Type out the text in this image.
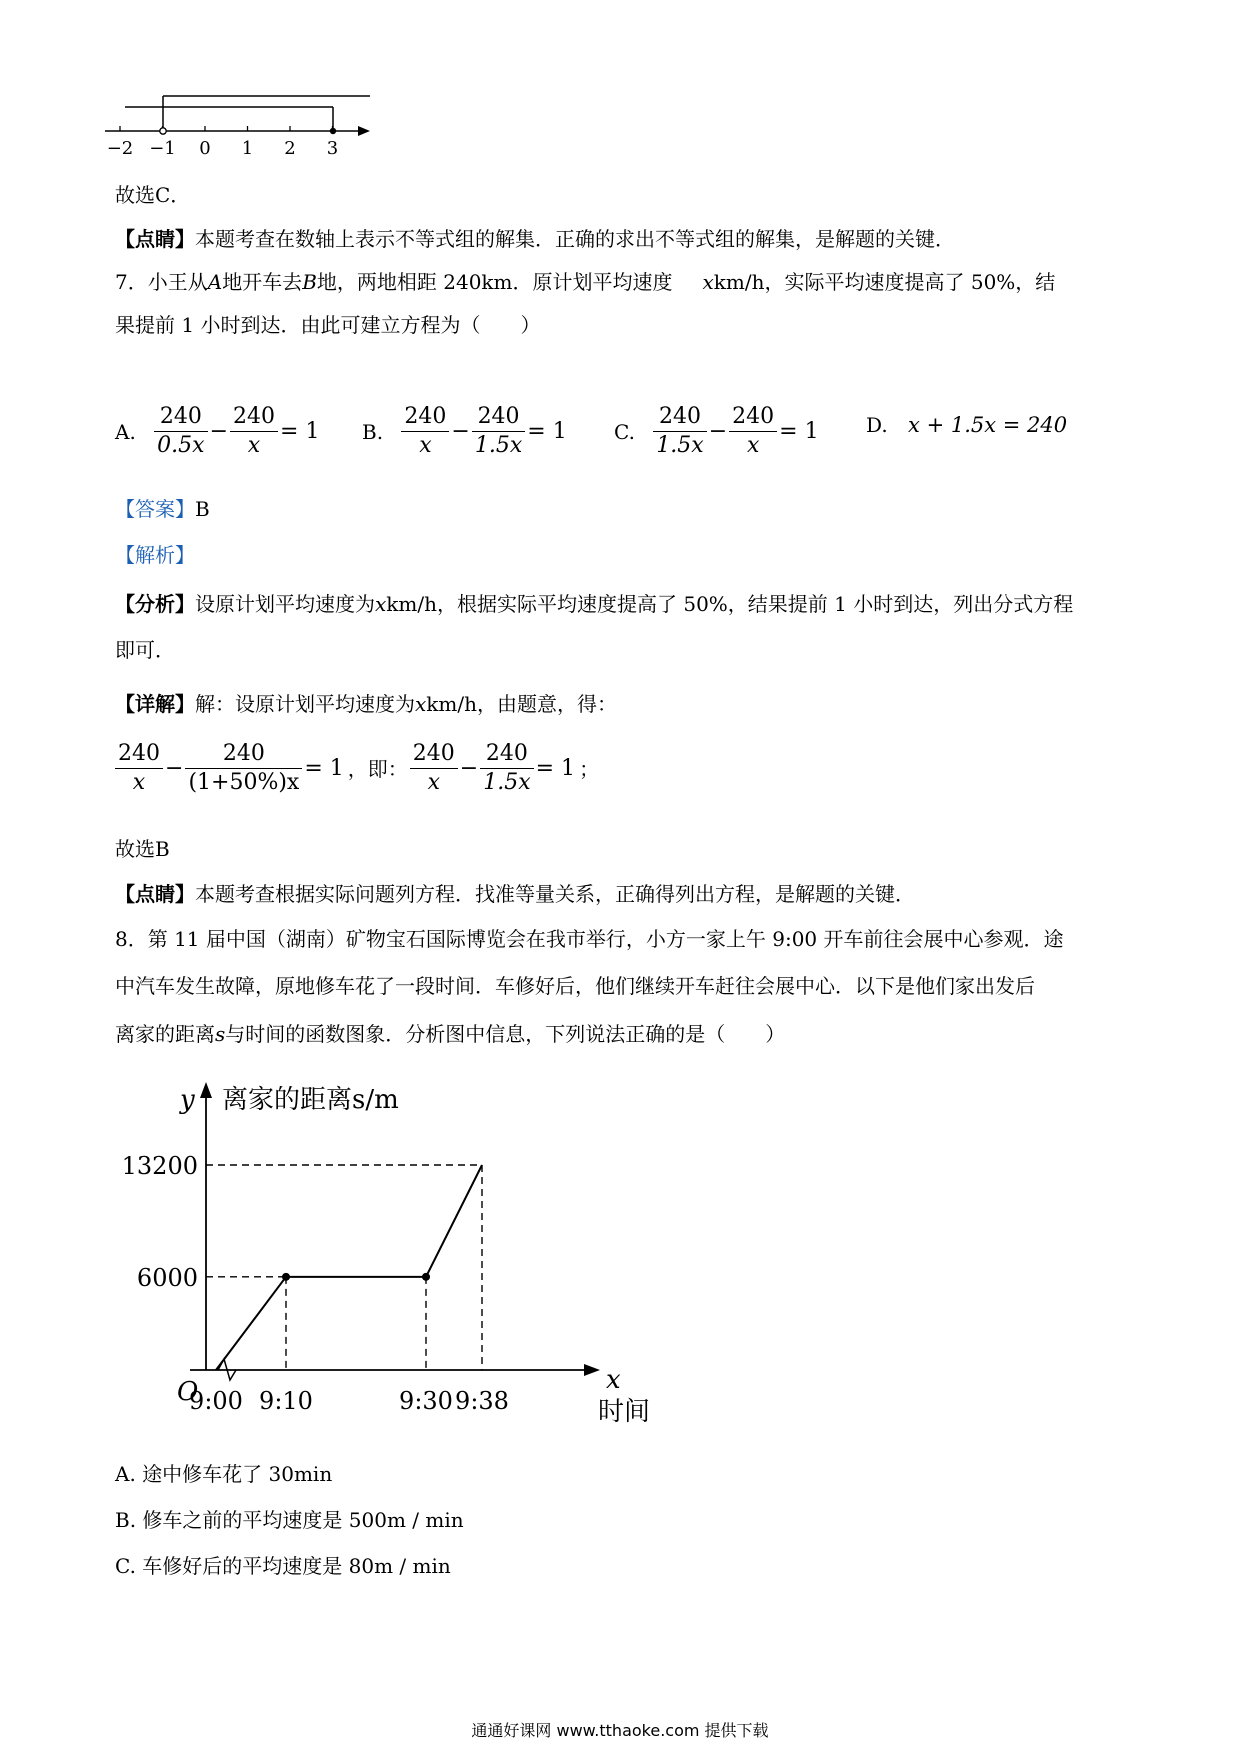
−2 −1 0 1 2 3
故选C．
【点睛】本题考查在数轴上表示不等式组的解集．正确的求出不等式组的解集，是解题的关键．
7．小王从A地开车去B地，两地相距 240km．原计划平均速度 xkm/h，实际平均速度提高了 50%，结
果提前 1 小时到达．由此可建立方程为（　　）
A. $\frac{240}{0.5x} - \frac{240}{x} = 1$ B. $\frac{240}{x} - \frac{240}{1.5x} = 1$ C. $\frac{240}{1.5x} - \frac{240}{x} = 1$ D. x + 1.5x = 240
【答案】B
【解析】
【分析】设原计划平均速度为xkm/h，根据实际平均速度提高了 50%，结果提前 1 小时到达，列出分式方程
即可．
【详解】解：设原计划平均速度为xkm/h，由题意，得：
$\frac{240}{x} - \frac{240}{(1+50\%)x} = 1$ ，即： $\frac{240}{x} - \frac{240}{1.5x} = 1$ ；
故选B
【点睛】本题考查根据实际问题列方程．找准等量关系，正确得列出方程，是解题的关键．
8．第 11 届中国（湖南）矿物宝石国际博览会在我市举行，小方一家上午 9:00 开车前往会展中心参观．途
中汽车发生故障，原地修车花了一段时间．车修好后，他们继续开车赶往会展中心．以下是他们家出发后
离家的距离s与时间的函数图象．分析图中信息，下列说法正确的是（　　）
y 离家的距离s/m
x
时间
O
6000
13200
9:00 9:10	9:30 9:38
A. 途中修车花了 30min
B. 修车之前的平均速度是 500m / min
C. 车修好后的平均速度是 80m / min
通通好课网 www.tthaoke.com 提供下载
